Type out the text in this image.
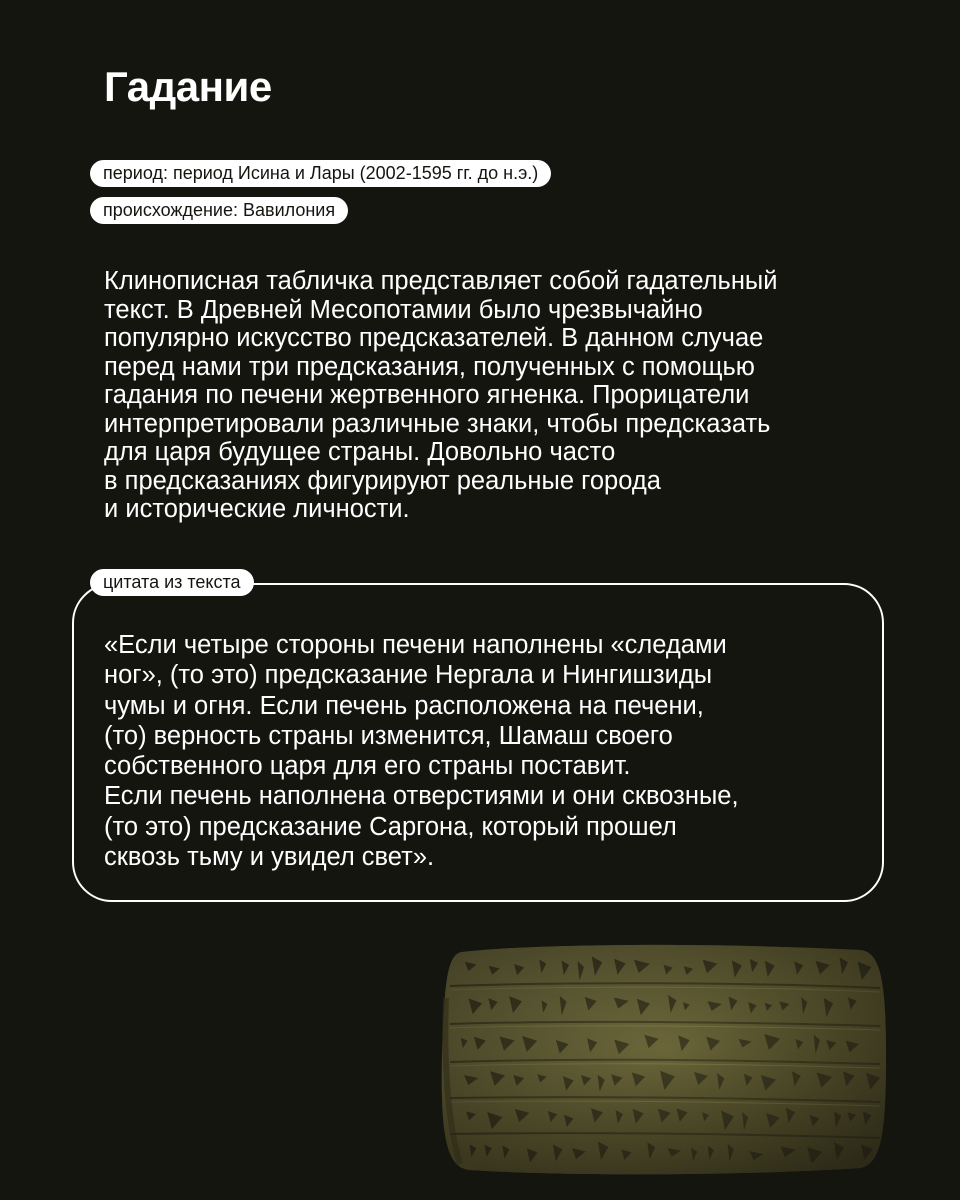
Гадание
период: период Исина и Лары (2002-1595 гг. до н.э.)
происхождение: Вавилония

Клинописная табличка представляет собой гадательный
текст. В Древней Месопотамии было чрезвычайно
популярно искусство предсказателей. В данном случае
перед нами три предсказания, полученных с помощью
гадания по печени жертвенного ягненка. Прорицатели
интерпретировали различные знаки, чтобы предсказать
для царя будущее страны. Довольно часто
в предсказаниях фигурируют реальные города
и исторические личности.

цитата из текста

«Если четыре стороны печени наполнены «следами
ног», (то это) предсказание Нергала и Нингишзиды
чумы и огня. Если печень расположена на печени,
(то) верность страны изменится, Шамаш своего
собственного царя для его страны поставит.
Если печень наполнена отверстиями и они сквозные,
(то это) предсказание Саргона, который прошел
сквозь тьму и увидел свет».
